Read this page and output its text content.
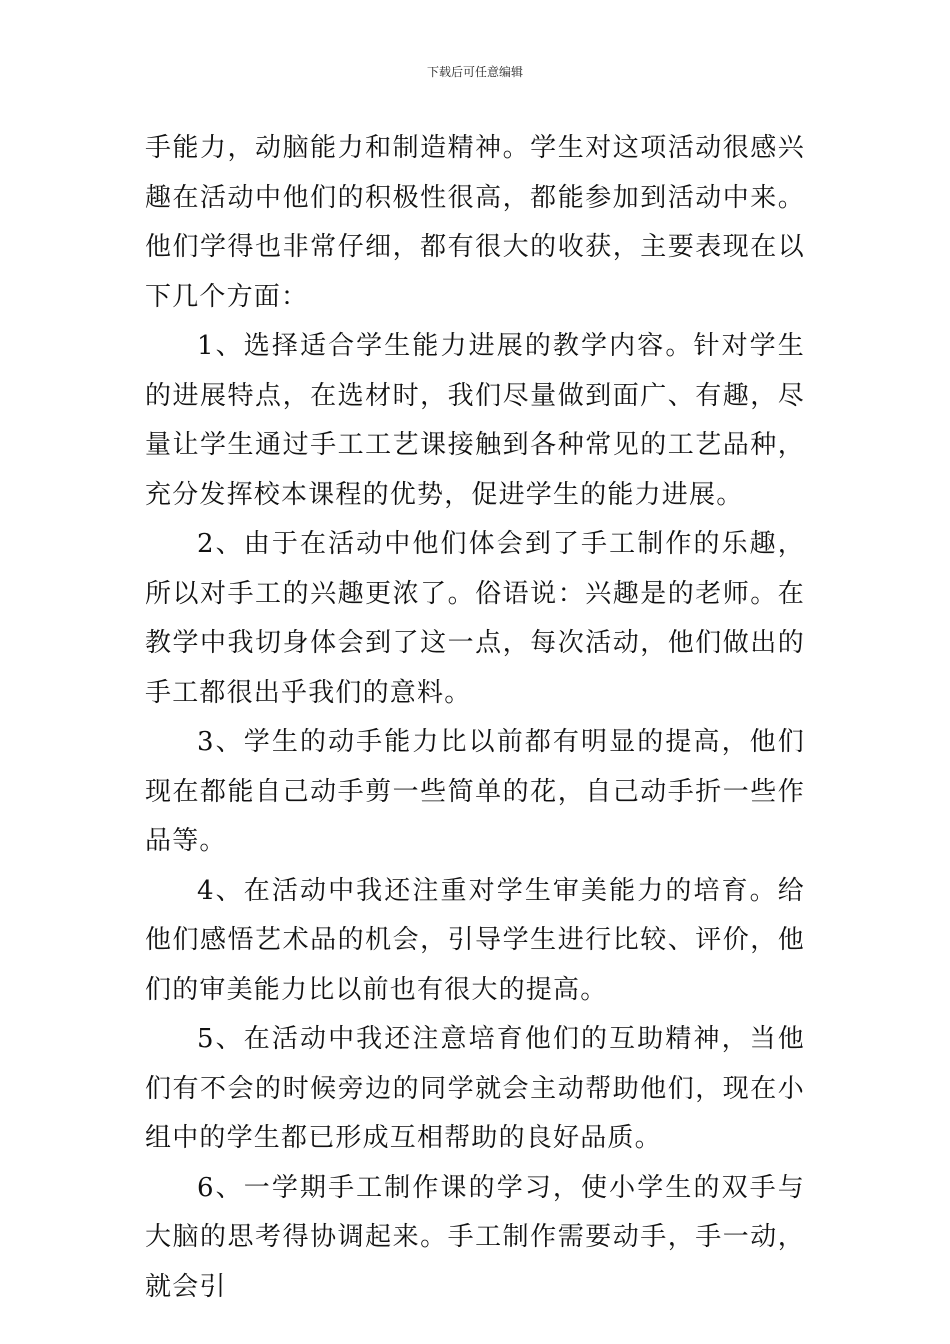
下载后可任意编辑

手能力，动脑能力和制造精神。学生对这项活动很感兴趣在活动中他们的积极性很高，都能参加到活动中来。他们学得也非常仔细，都有很大的收获，主要表现在以下几个方面：

1、选择适合学生能力进展的教学内容。针对学生的进展特点，在选材时，我们尽量做到面广、有趣，尽量让学生通过手工工艺课接触到各种常见的工艺品种，充分发挥校本课程的优势，促进学生的能力进展。

2、由于在活动中他们体会到了手工制作的乐趣，所以对手工的兴趣更浓了。俗语说：兴趣是的老师。在教学中我切身体会到了这一点，每次活动，他们做出的手工都很出乎我们的意料。

3、学生的动手能力比以前都有明显的提高，他们现在都能自己动手剪一些简单的花，自己动手折一些作品等。

4、在活动中我还注重对学生审美能力的培育。给他们感悟艺术品的机会，引导学生进行比较、评价，他们的审美能力比以前也有很大的提高。

5、在活动中我还注意培育他们的互助精神，当他们有不会的时候旁边的同学就会主动帮助他们，现在小组中的学生都已形成互相帮助的良好品质。

6、一学期手工制作课的学习，使小学生的双手与大脑的思考得协调起来。手工制作需要动手，手一动，就会引
